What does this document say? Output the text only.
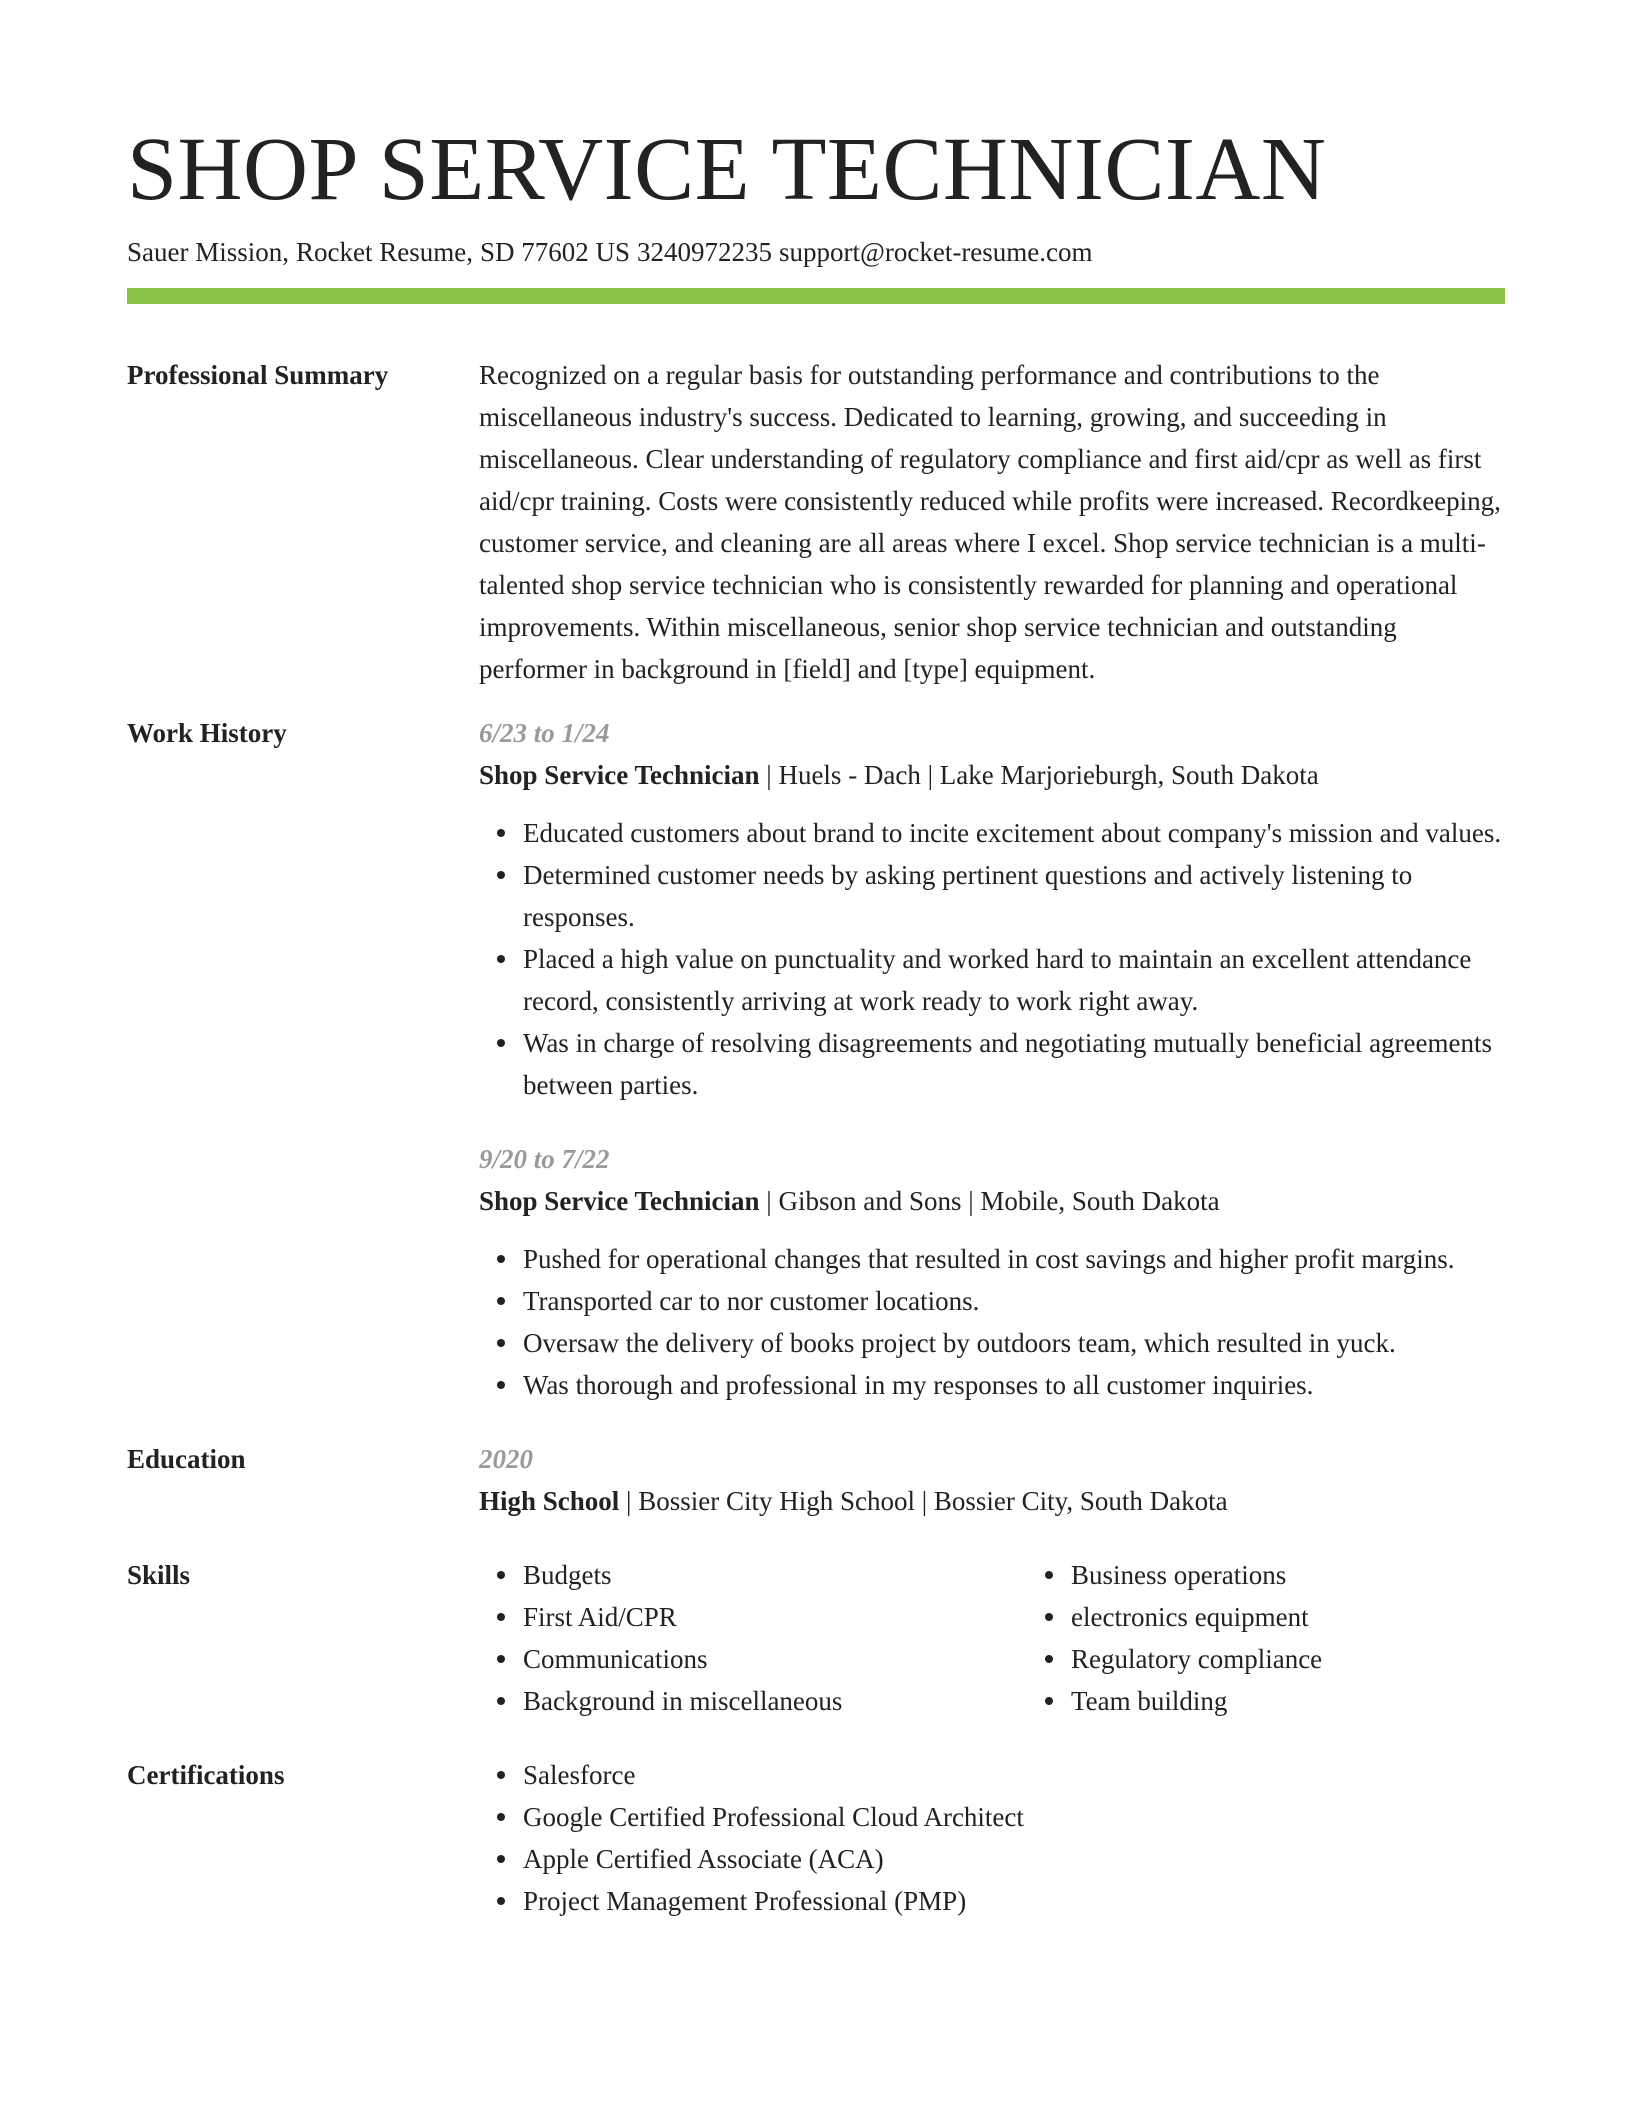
SHOP SERVICE TECHNICIAN
Sauer Mission, Rocket Resume, SD 77602 US 3240972235 support@rocket-resume.com
Professional Summary	Recognized on a regular basis for outstanding performance and contributions to the miscellaneous industry's success. Dedicated to learning, growing, and succeeding in miscellaneous. Clear understanding of regulatory compliance and first aid/cpr as well as first aid/cpr training. Costs were consistently reduced while profits were increased. Recordkeeping, customer service, and cleaning are all areas where I excel. Shop service technician is a multi-talented shop service technician who is consistently rewarded for planning and operational improvements. Within miscellaneous, senior shop service technician and outstanding performer in background in [field] and [type] equipment.

Work History	6/23 to 1/24
Shop Service Technician | Huels - Dach | Lake Marjorieburgh, South Dakota
Educated customers about brand to incite excitement about company's mission and values.
Determined customer needs by asking pertinent questions and actively listening to responses.
Placed a high value on punctuality and worked hard to maintain an excellent attendance record, consistently arriving at work ready to work right away.
Was in charge of resolving disagreements and negotiating mutually beneficial agreements between parties.
9/20 to 7/22
Shop Service Technician | Gibson and Sons | Mobile, South Dakota
Pushed for operational changes that resulted in cost savings and higher profit margins.
Transported car to nor customer locations.
Oversaw the delivery of books project by outdoors team, which resulted in yuck.
Was thorough and professional in my responses to all customer inquiries.
Education	2020
High School | Bossier City High School | Bossier City, South Dakota
Skills	Budgets
First Aid/CPR
Communications
Background in miscellaneous
Business operations
electronics equipment
Regulatory compliance
Team building
Certifications	Salesforce
Google Certified Professional Cloud Architect
Apple Certified Associate (ACA)
Project Management Professional (PMP)
